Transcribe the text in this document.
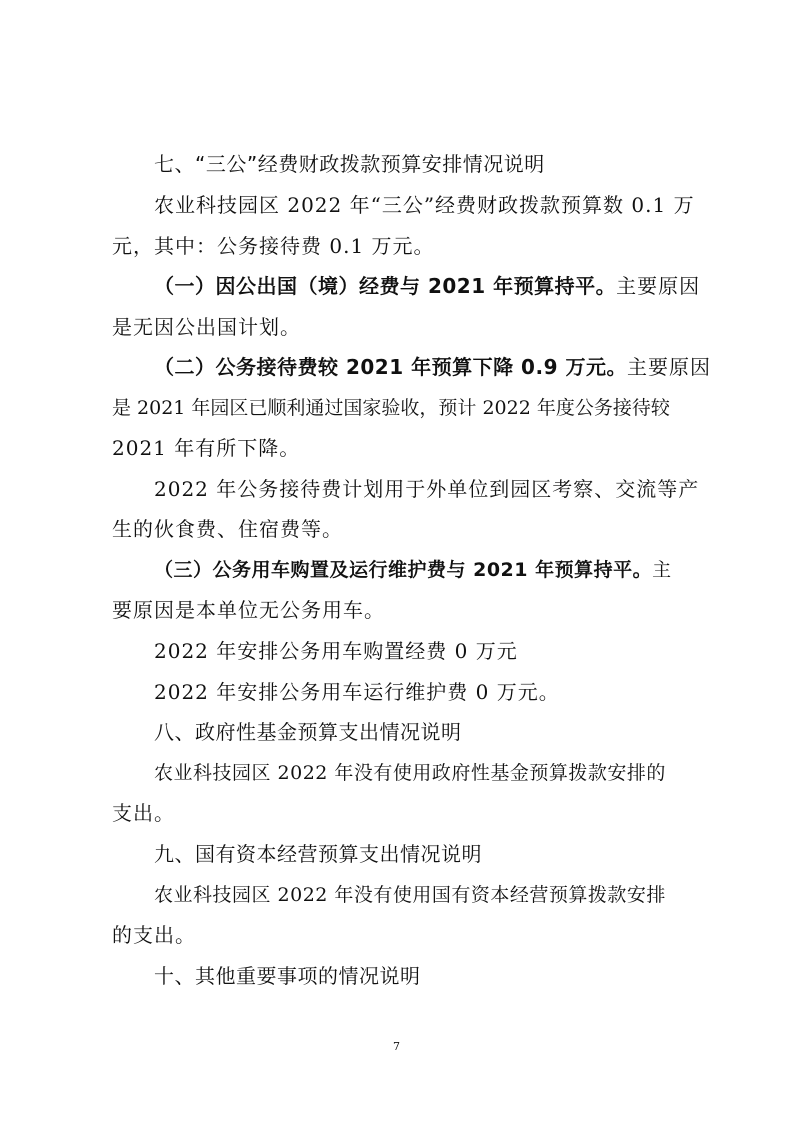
七、“三公”经费财政拨款预算安排情况说明
农业科技园区 2022 年“三公”经费财政拨款预算数 0.1 万
元，其中：公务接待费 0.1 万元。
（一）因公出国（境）经费与 2021 年预算持平。主要原因
是无因公出国计划。
（二）公务接待费较 2021 年预算下降 0.9 万元。主要原因
是 2021 年园区已顺利通过国家验收，预计 2022 年度公务接待较
2021 年有所下降。
2022 年公务接待费计划用于外单位到园区考察、交流等产
生的伙食费、住宿费等。
（三）公务用车购置及运行维护费与 2021 年预算持平。主
要原因是本单位无公务用车。
2022 年安排公务用车购置经费 0 万元
2022 年安排公务用车运行维护费 0 万元。
八、政府性基金预算支出情况说明
农业科技园区 2022 年没有使用政府性基金预算拨款安排的
支出。
九、国有资本经营预算支出情况说明
农业科技园区 2022 年没有使用国有资本经营预算拨款安排
的支出。
十、其他重要事项的情况说明
7
